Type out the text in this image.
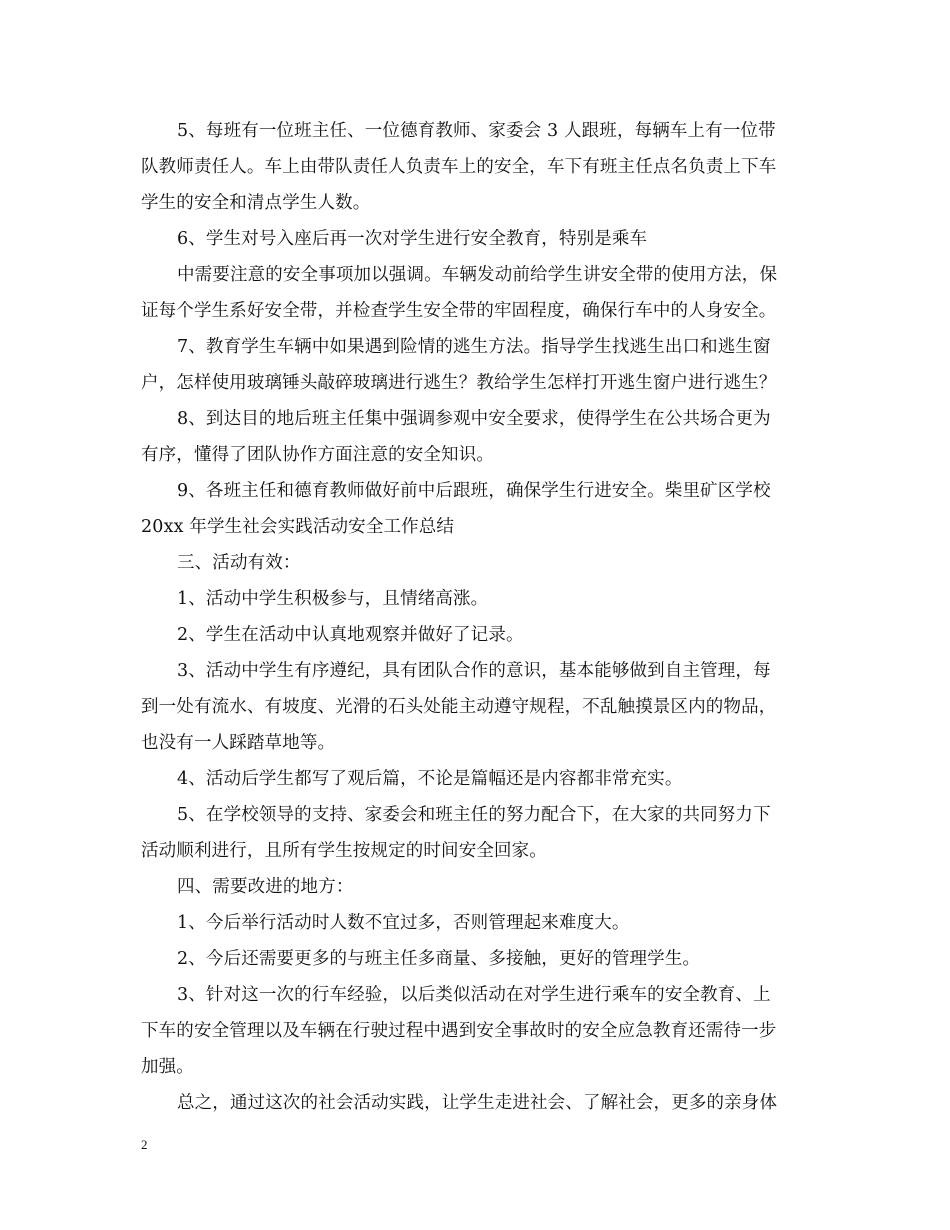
5、每班有一位班主任、一位德育教师、家委会 3 人跟班，每辆车上有一位带
队教师责任人。车上由带队责任人负责车上的安全，车下有班主任点名负责上下车
学生的安全和清点学生人数。
6、学生对号入座后再一次对学生进行安全教育，特别是乘车
中需要注意的安全事项加以强调。车辆发动前给学生讲安全带的使用方法，保
证每个学生系好安全带，并检查学生安全带的牢固程度，确保行车中的人身安全。
7、教育学生车辆中如果遇到险情的逃生方法。指导学生找逃生出口和逃生窗
户，怎样使用玻璃锤头敲碎玻璃进行逃生？教给学生怎样打开逃生窗户进行逃生？
8、到达目的地后班主任集中强调参观中安全要求，使得学生在公共场合更为
有序，懂得了团队协作方面注意的安全知识。
9、各班主任和德育教师做好前中后跟班，确保学生行进安全。柴里矿区学校
20xx 年学生社会实践活动安全工作总结
三、活动有效：
1、活动中学生积极参与，且情绪高涨。
2、学生在活动中认真地观察并做好了记录。
3、活动中学生有序遵纪，具有团队合作的意识，基本能够做到自主管理，每
到一处有流水、有坡度、光滑的石头处能主动遵守规程，不乱触摸景区内的物品，
也没有一人踩踏草地等。
4、活动后学生都写了观后篇，不论是篇幅还是内容都非常充实。
5、在学校领导的支持、家委会和班主任的努力配合下，在大家的共同努力下
活动顺利进行，且所有学生按规定的时间安全回家。
四、需要改进的地方：
1、今后举行活动时人数不宜过多，否则管理起来难度大。
2、今后还需要更多的与班主任多商量、多接触，更好的管理学生。
3、针对这一次的行车经验，以后类似活动在对学生进行乘车的安全教育、上
下车的安全管理以及车辆在行驶过程中遇到安全事故时的安全应急教育还需待一步
加强。
总之，通过这次的社会活动实践，让学生走进社会、了解社会，更多的亲身体
2
